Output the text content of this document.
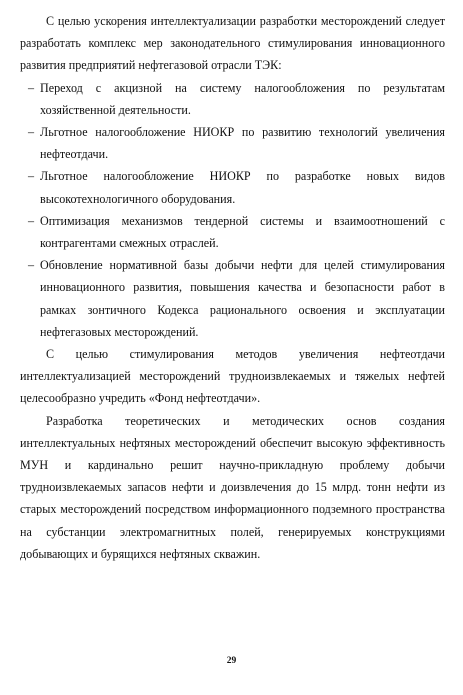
С целью ускорения интеллектуализации разработки месторождений следует разработать комплекс мер законодательного стимулирования инновационного развития предприятий нефтегазовой отрасли ТЭК:

– Переход с акцизной на систему налогообложения по результатам хозяйственной деятельности.
– Льготное налогообложение НИОКР по развитию технологий увеличения нефтеотдачи.
– Льготное налогообложение НИОКР по разработке новых видов высокотехнологичного оборудования.
– Оптимизация механизмов тендерной системы и взаимоотношений с контрагентами смежных отраслей.
– Обновление нормативной базы добычи нефти для целей стимулирования инновационного развития, повышения качества и безопасности работ в рамках зонтичного Кодекса рационального освоения и эксплуатации нефтегазовых месторождений.

С целью стимулирования методов увеличения нефтеотдачи интеллектуализацией месторождений трудноизвлекаемых и тяжелых нефтей целесообразно учредить «Фонд нефтеотдачи».

Разработка теоретических и методических основ создания интеллектуальных нефтяных месторождений обеспечит высокую эффективность МУН и кардинально решит научно-прикладную проблему добычи трудноизвлекаемых запасов нефти и доизвлечения до 15 млрд. тонн нефти из старых месторождений посредством информационного подземного пространства на субстанции электромагнитных полей, генерируемых конструкциями добывающих и бурящихся нефтяных скважин.

29
